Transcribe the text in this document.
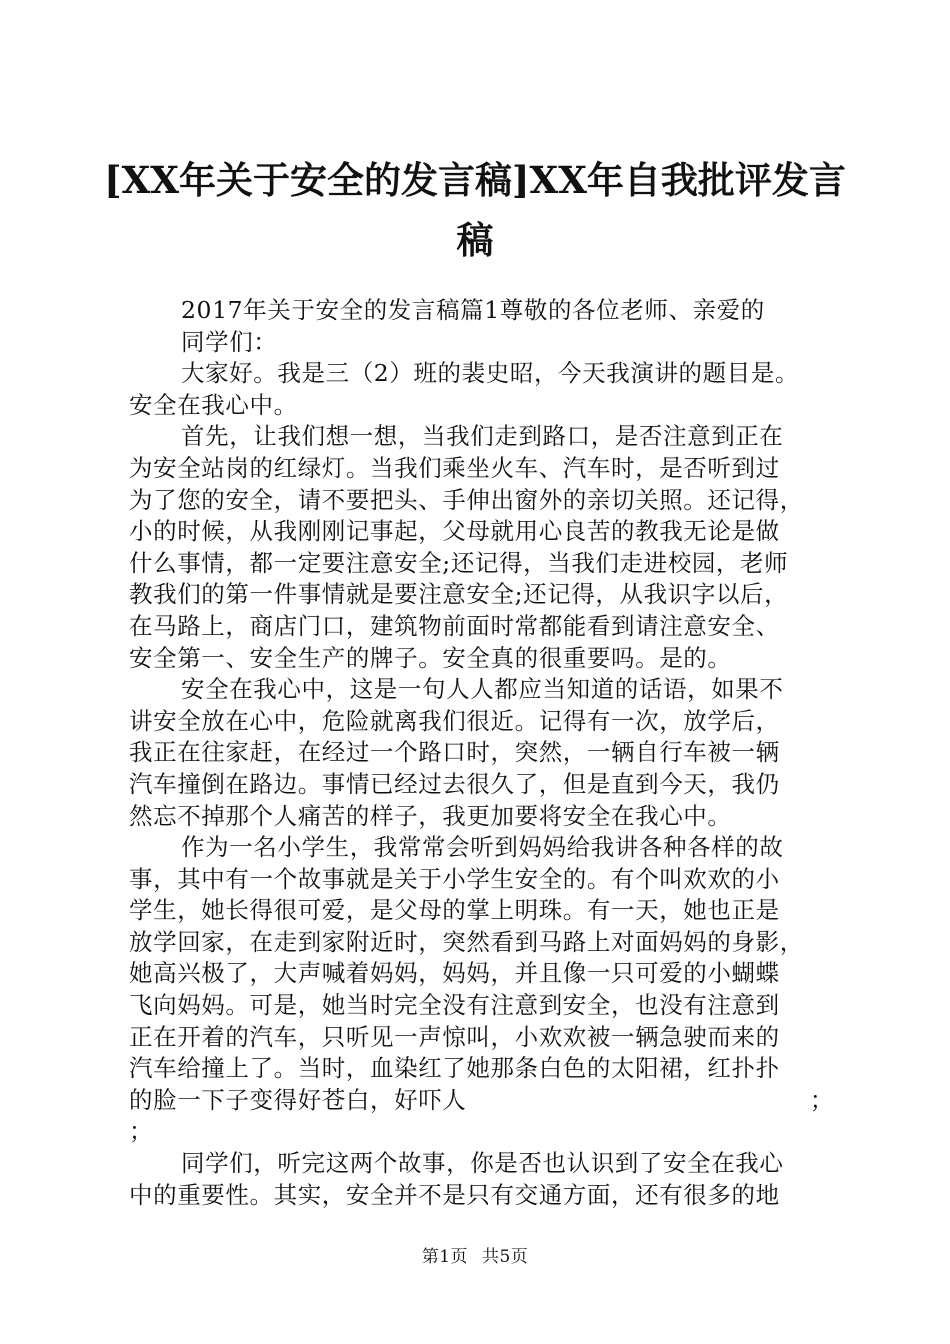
[XX年关于安全的发言稿]XX年自我批评发言
稿
2017年关于安全的发言稿篇1尊敬的各位老师、亲爱的
同学们：
大家好。我是三（2）班的裴史昭，今天我演讲的题目是。
安全在我心中。
首先，让我们想一想，当我们走到路口，是否注意到正在
为安全站岗的红绿灯。当我们乘坐火车、汽车时，是否听到过
为了您的安全，请不要把头、手伸出窗外的亲切关照。还记得，
小的时候，从我刚刚记事起，父母就用心良苦的教我无论是做
什么事情，都一定要注意安全;还记得，当我们走进校园，老师
教我们的第一件事情就是要注意安全;还记得，从我识字以后，
在马路上，商店门口，建筑物前面时常都能看到请注意安全、
安全第一、安全生产的牌子。安全真的很重要吗。是的。
安全在我心中，这是一句人人都应当知道的话语，如果不
讲安全放在心中，危险就离我们很近。记得有一次，放学后，
我正在往家赶，在经过一个路口时，突然，一辆自行车被一辆
汽车撞倒在路边。事情已经过去很久了，但是直到今天，我仍
然忘不掉那个人痛苦的样子，我更加要将安全在我心中。
作为一名小学生，我常常会听到妈妈给我讲各种各样的故
事，其中有一个故事就是关于小学生安全的。有个叫欢欢的小
学生，她长得很可爱，是父母的掌上明珠。有一天，她也正是
放学回家，在走到家附近时，突然看到马路上对面妈妈的身影，
她高兴极了，大声喊着妈妈，妈妈，并且像一只可爱的小蝴蝶
飞向妈妈。可是，她当时完全没有注意到安全，也没有注意到
正在开着的汽车，只听见一声惊叫，小欢欢被一辆急驶而来的
汽车给撞上了。当时，血染红了她那条白色的太阳裙，红扑扑
的脸一下子变得好苍白，好吓人	；
；
同学们，听完这两个故事，你是否也认识到了安全在我心
中的重要性。其实，安全并不是只有交通方面，还有很多的地
第1页 共5页
